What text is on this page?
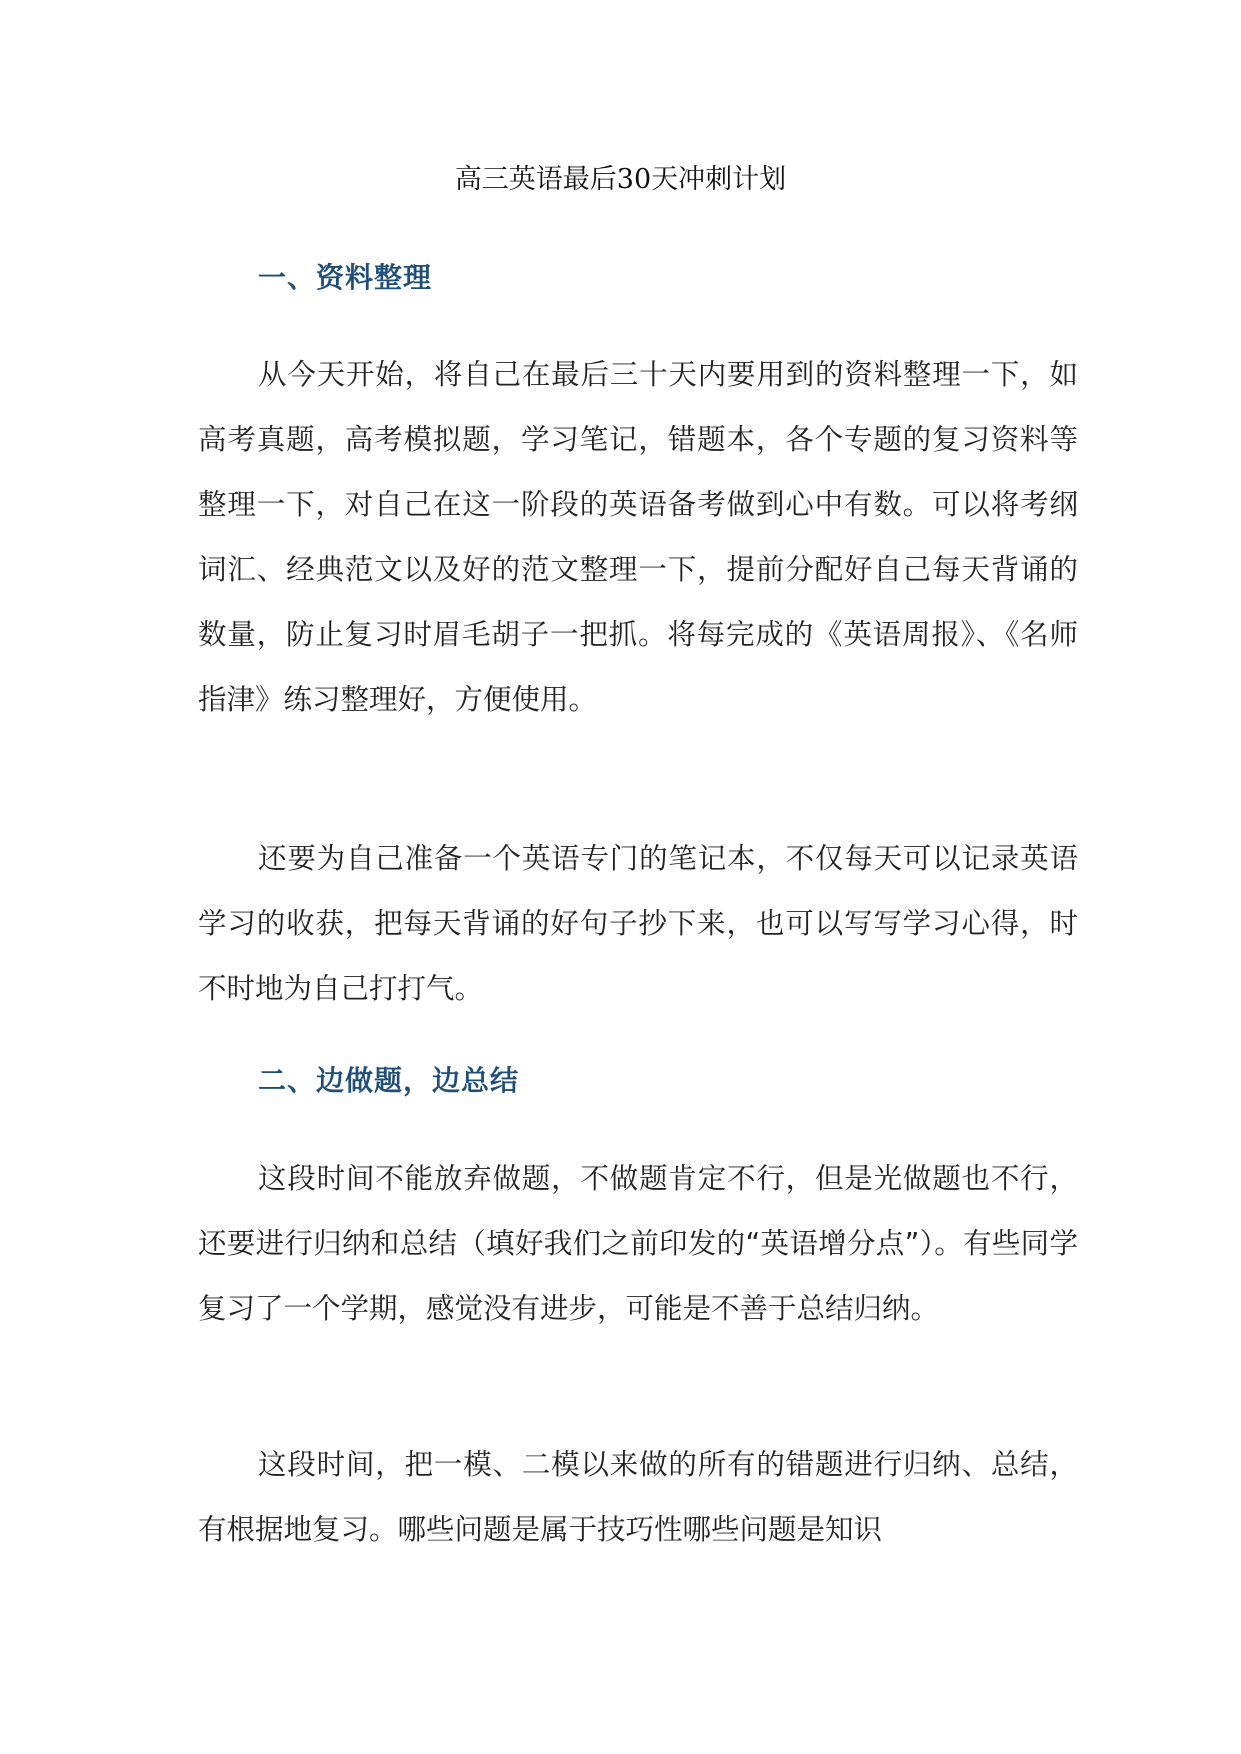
高三英语最后30天冲刺计划
一、资料整理
从今天开始，将自己在最后三十天内要用到的资料整理一下，如高考真题，高考模拟题，学习笔记，错题本，各个专题的复习资料等整理一下，对自己在这一阶段的英语备考做到心中有数。可以将考纲词汇、经典范文以及好的范文整理一下，提前分配好自己每天背诵的数量，防止复习时眉毛胡子一把抓。将每完成的《英语周报》、《名师指津》练习整理好，方便使用。
还要为自己准备一个英语专门的笔记本，不仅每天可以记录英语学习的收获，把每天背诵的好句子抄下来，也可以写写学习心得，时不时地为自己打打气。
二、边做题，边总结
这段时间不能放弃做题，不做题肯定不行，但是光做题也不行，还要进行归纳和总结（填好我们之前印发的“英语增分点”）。有些同学复习了一个学期，感觉没有进步，可能是不善于总结归纳。
这段时间，把一模、二模以来做的所有的错题进行归纳、总结，有根据地复习。哪些问题是属于技巧性哪些问题是知识
